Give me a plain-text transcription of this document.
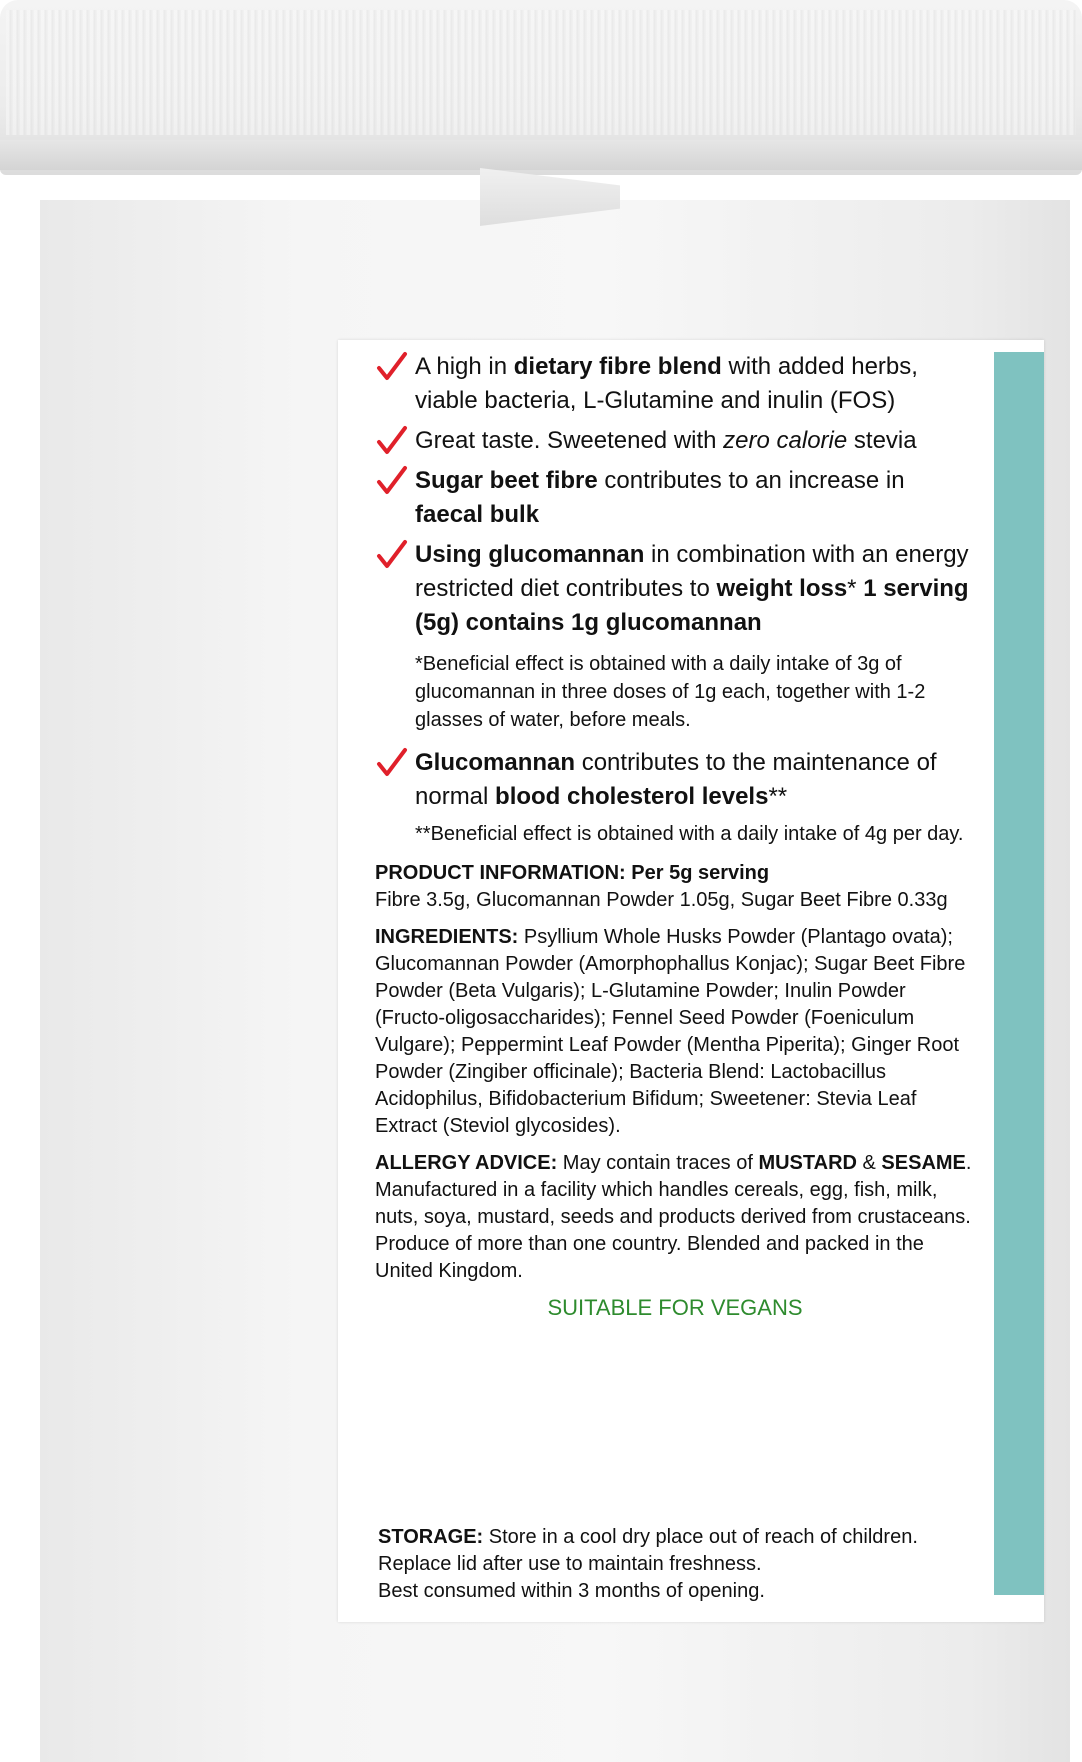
A high in dietary fibre blend with added herbs, viable bacteria, L-Glutamine and inulin (FOS)
Great taste. Sweetened with zero calorie stevia
Sugar beet fibre contributes to an increase in faecal bulk
Using glucomannan in combination with an energy restricted diet contributes to weight loss* 1 serving (5g) contains 1g glucomannan
*Beneficial effect is obtained with a daily intake of 3g of glucomannan in three doses of 1g each, together with 1-2 glasses of water, before meals.
Glucomannan contributes to the maintenance of normal blood cholesterol levels**
**Beneficial effect is obtained with a daily intake of 4g per day.
PRODUCT INFORMATION: Per 5g serving
Fibre 3.5g, Glucomannan Powder 1.05g, Sugar Beet Fibre 0.33g
INGREDIENTS: Psyllium Whole Husks Powder (Plantago ovata); Glucomannan Powder (Amorphophallus Konjac); Sugar Beet Fibre Powder (Beta Vulgaris); L-Glutamine Powder; Inulin Powder (Fructo-oligosaccharides); Fennel Seed Powder (Foeniculum Vulgare); Peppermint Leaf Powder (Mentha Piperita); Ginger Root Powder (Zingiber officinale); Bacteria Blend: Lactobacillus Acidophilus, Bifidobacterium Bifidum; Sweetener: Stevia Leaf Extract (Steviol glycosides).
ALLERGY ADVICE: May contain traces of MUSTARD & SESAME. Manufactured in a facility which handles cereals, egg, fish, milk, nuts, soya, mustard, seeds and products derived from crustaceans. Produce of more than one country. Blended and packed in the United Kingdom.
SUITABLE FOR VEGANS
STORAGE: Store in a cool dry place out of reach of children. Replace lid after use to maintain freshness.
Best consumed within 3 months of opening.
